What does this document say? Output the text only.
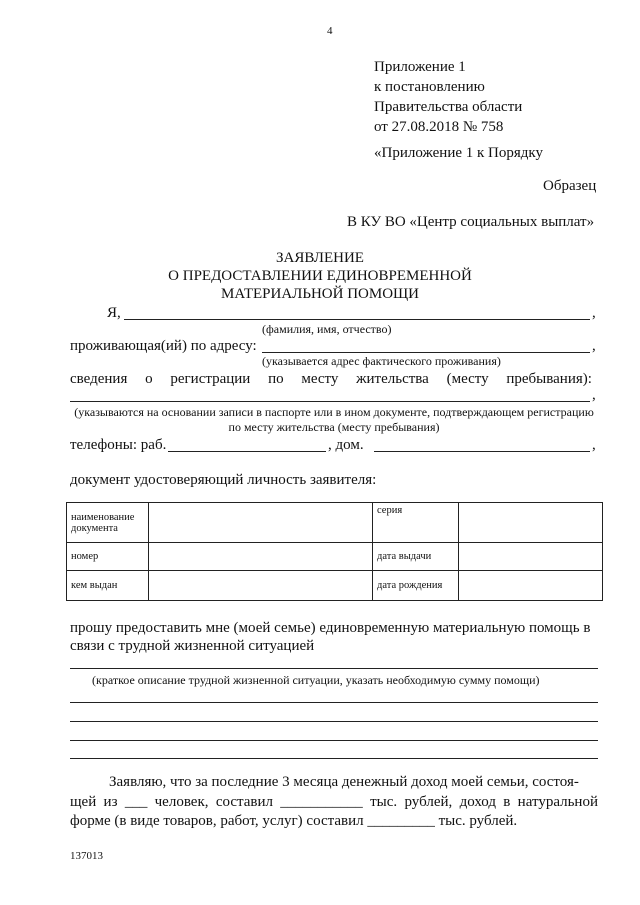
4
Приложение 1
к постановлению
Правительства области
от 27.08.2018 № 758
«Приложение 1 к Порядку
Образец
В КУ ВО «Центр социальных выплат»
ЗАЯВЛЕНИЕ
О ПРЕДОСТАВЛЕНИИ ЕДИНОВРЕМЕННОЙ
МАТЕРИАЛЬНОЙ ПОМОЩИ
Я,	,
(фамилия, имя, отчество)
проживающая(ий) по адресу:	,
(указывается адрес фактического проживания)
сведения о регистрации по месту жительства (месту пребывания):
,
(указываются на основании записи в паспорте или в ином документе, подтверждающем регистрацию по месту жительства (месту пребывания)
телефоны: раб.	, дом.	,
документ удостоверяющий личность заявителя:
наименование документа		серия	
номер		дата выдачи	
кем выдан		дата рождения	
прошу предоставить мне (моей семье) единовременную материальную помощь в
связи с трудной жизненной ситуацией
(краткое описание трудной жизненной ситуации, указать необходимую сумму помощи)
Заявляю, что за последние 3 месяца денежный доход моей семьи, состоя-
щей из ___ человек, составил ___________ тыс. рублей, доход в натуральной
форме (в виде товаров, работ, услуг) составил _________ тыс. рублей.
137013
